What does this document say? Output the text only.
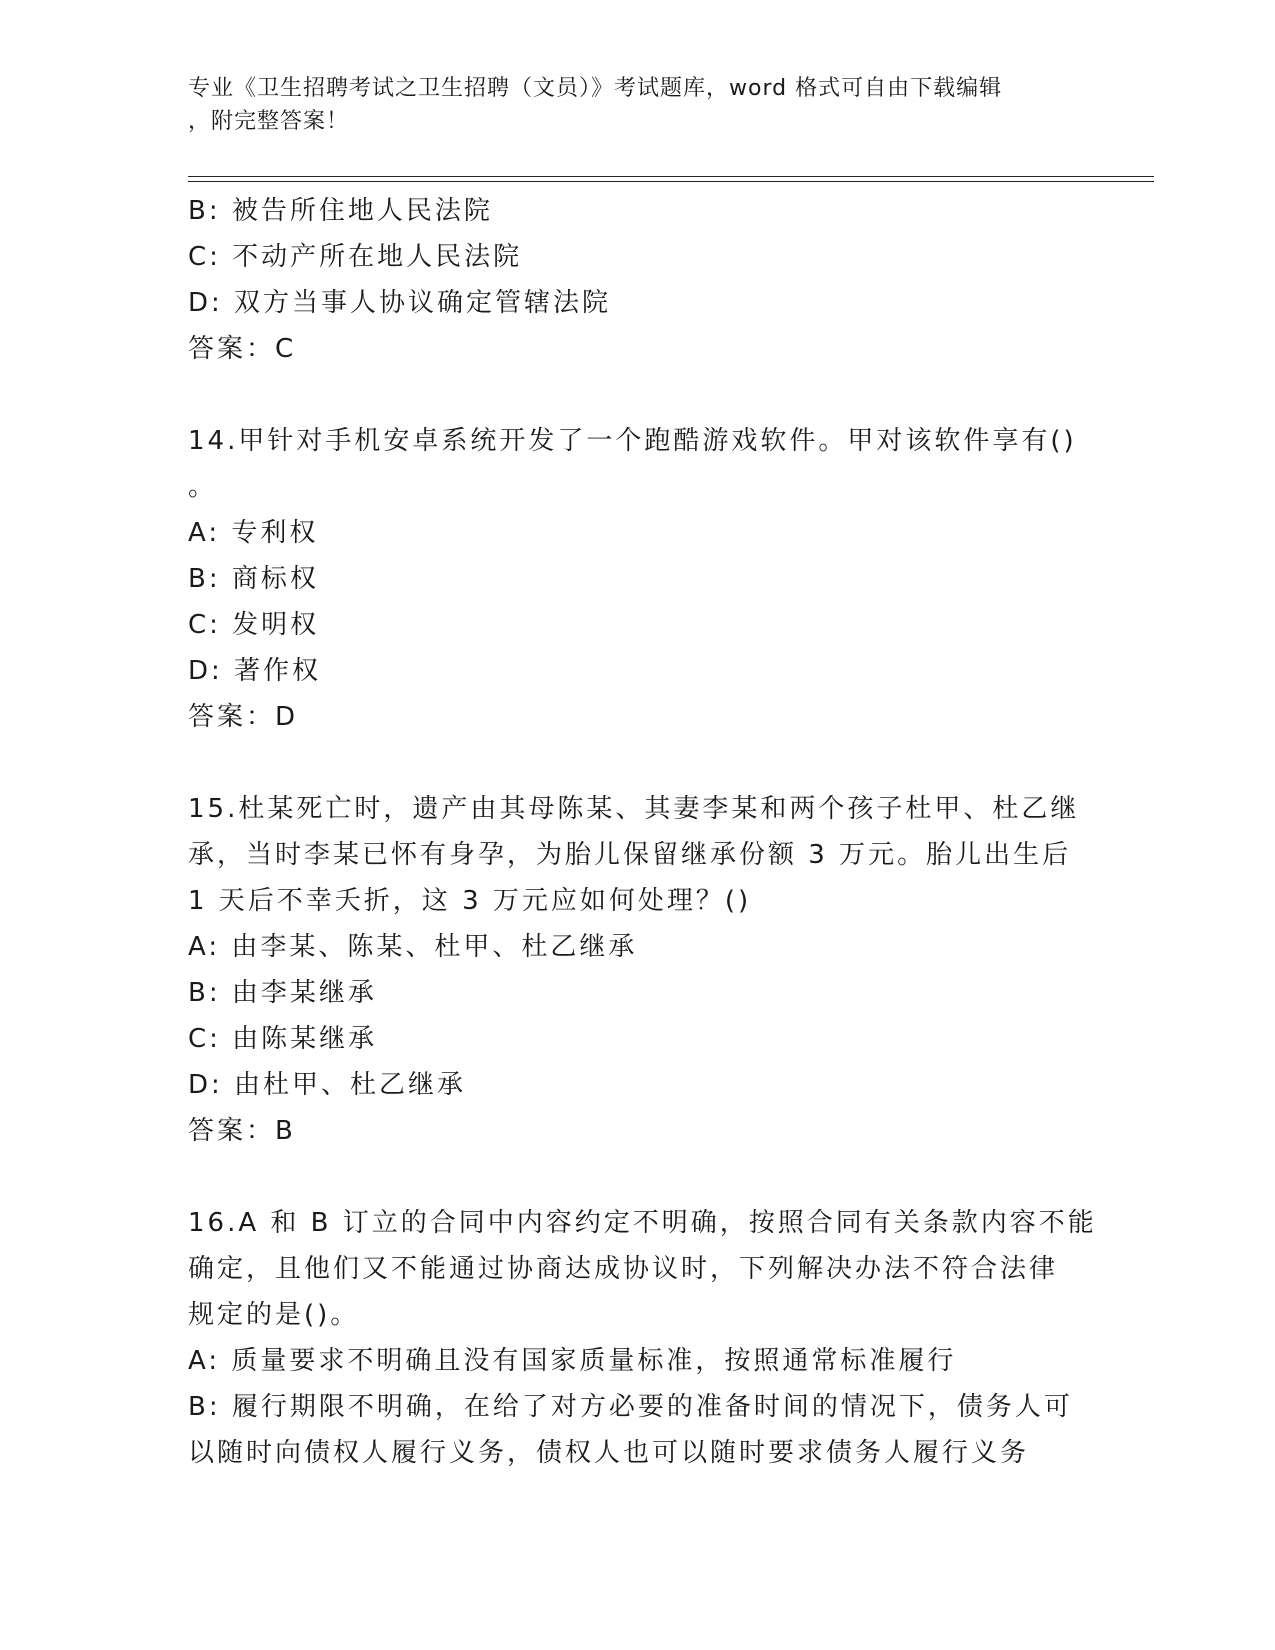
专业《卫生招聘考试之卫生招聘（文员）》考试题库，word 格式可自由下载编辑
，附完整答案！
B: 被告所住地人民法院
C: 不动产所在地人民法院
D: 双方当事人协议确定管辖法院
答案：C
14.甲针对手机安卓系统开发了一个跑酷游戏软件。甲对该软件享有()
。
A: 专利权
B: 商标权
C: 发明权
D: 著作权
答案：D
15.杜某死亡时，遗产由其母陈某、其妻李某和两个孩子杜甲、杜乙继
承，当时李某已怀有身孕，为胎儿保留继承份额 3 万元。胎儿出生后
1 天后不幸夭折，这 3 万元应如何处理？()
A: 由李某、陈某、杜甲、杜乙继承
B: 由李某继承
C: 由陈某继承
D: 由杜甲、杜乙继承
答案：B
16.A 和 B 订立的合同中内容约定不明确，按照合同有关条款内容不能
确定，且他们又不能通过协商达成协议时，下列解决办法不符合法律
规定的是()。
A: 质量要求不明确且没有国家质量标准，按照通常标准履行
B: 履行期限不明确，在给了对方必要的准备时间的情况下，债务人可
以随时向债权人履行义务，债权人也可以随时要求债务人履行义务
